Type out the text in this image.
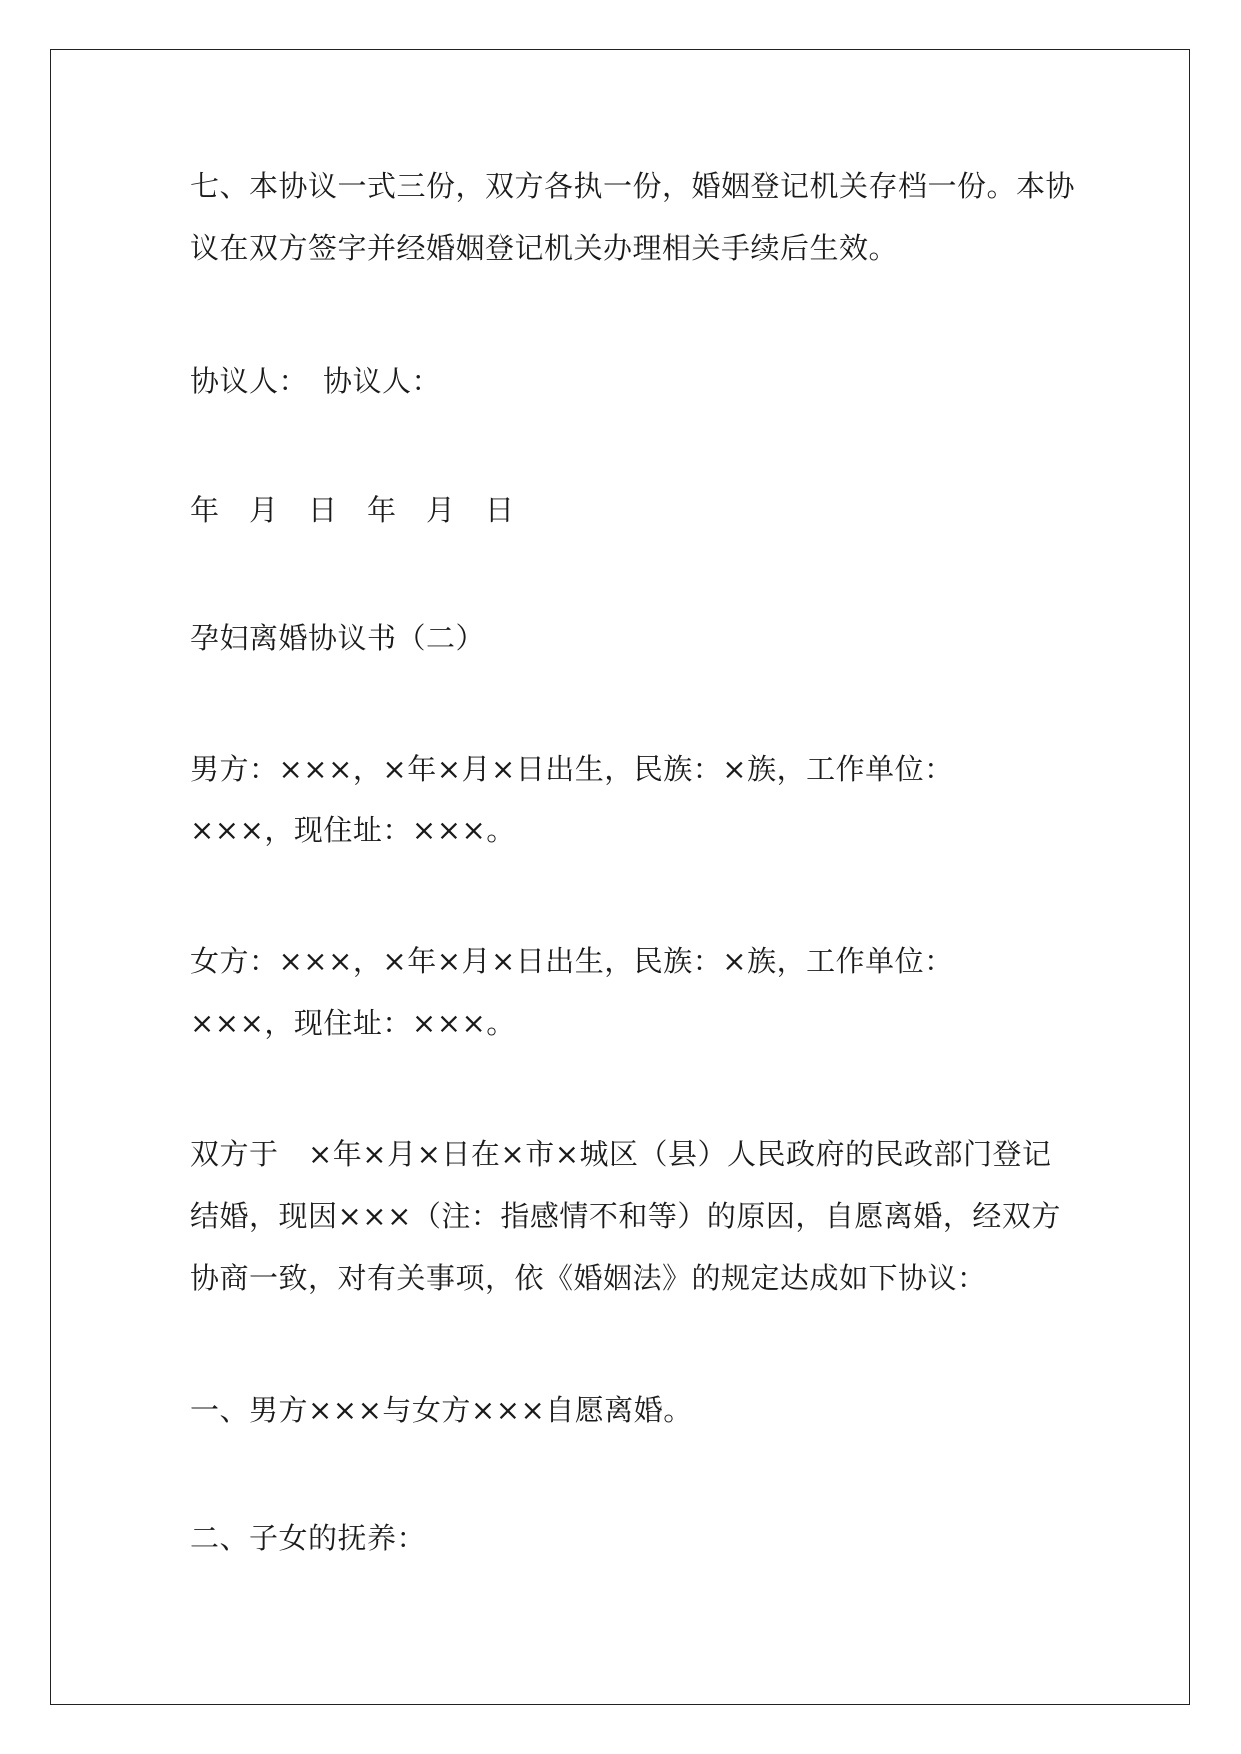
七、本协议一式三份，双方各执一份，婚姻登记机关存档一份。本协
议在双方签字并经婚姻登记机关办理相关手续后生效。
协议人：　协议人：
年　月　日　年　月　日
孕妇离婚协议书（二）
男方：×××，×年×月×日出生，民族：×族，工作单位：
×××，现住址：×××。
女方：×××，×年×月×日出生，民族：×族，工作单位：
×××，现住址：×××。
双方于　×年×月×日在×市×城区（县）人民政府的民政部门登记
结婚，现因×××（注：指感情不和等）的原因，自愿离婚，经双方
协商一致，对有关事项，依《婚姻法》的规定达成如下协议：
一、男方×××与女方×××自愿离婚。
二、子女的抚养：
